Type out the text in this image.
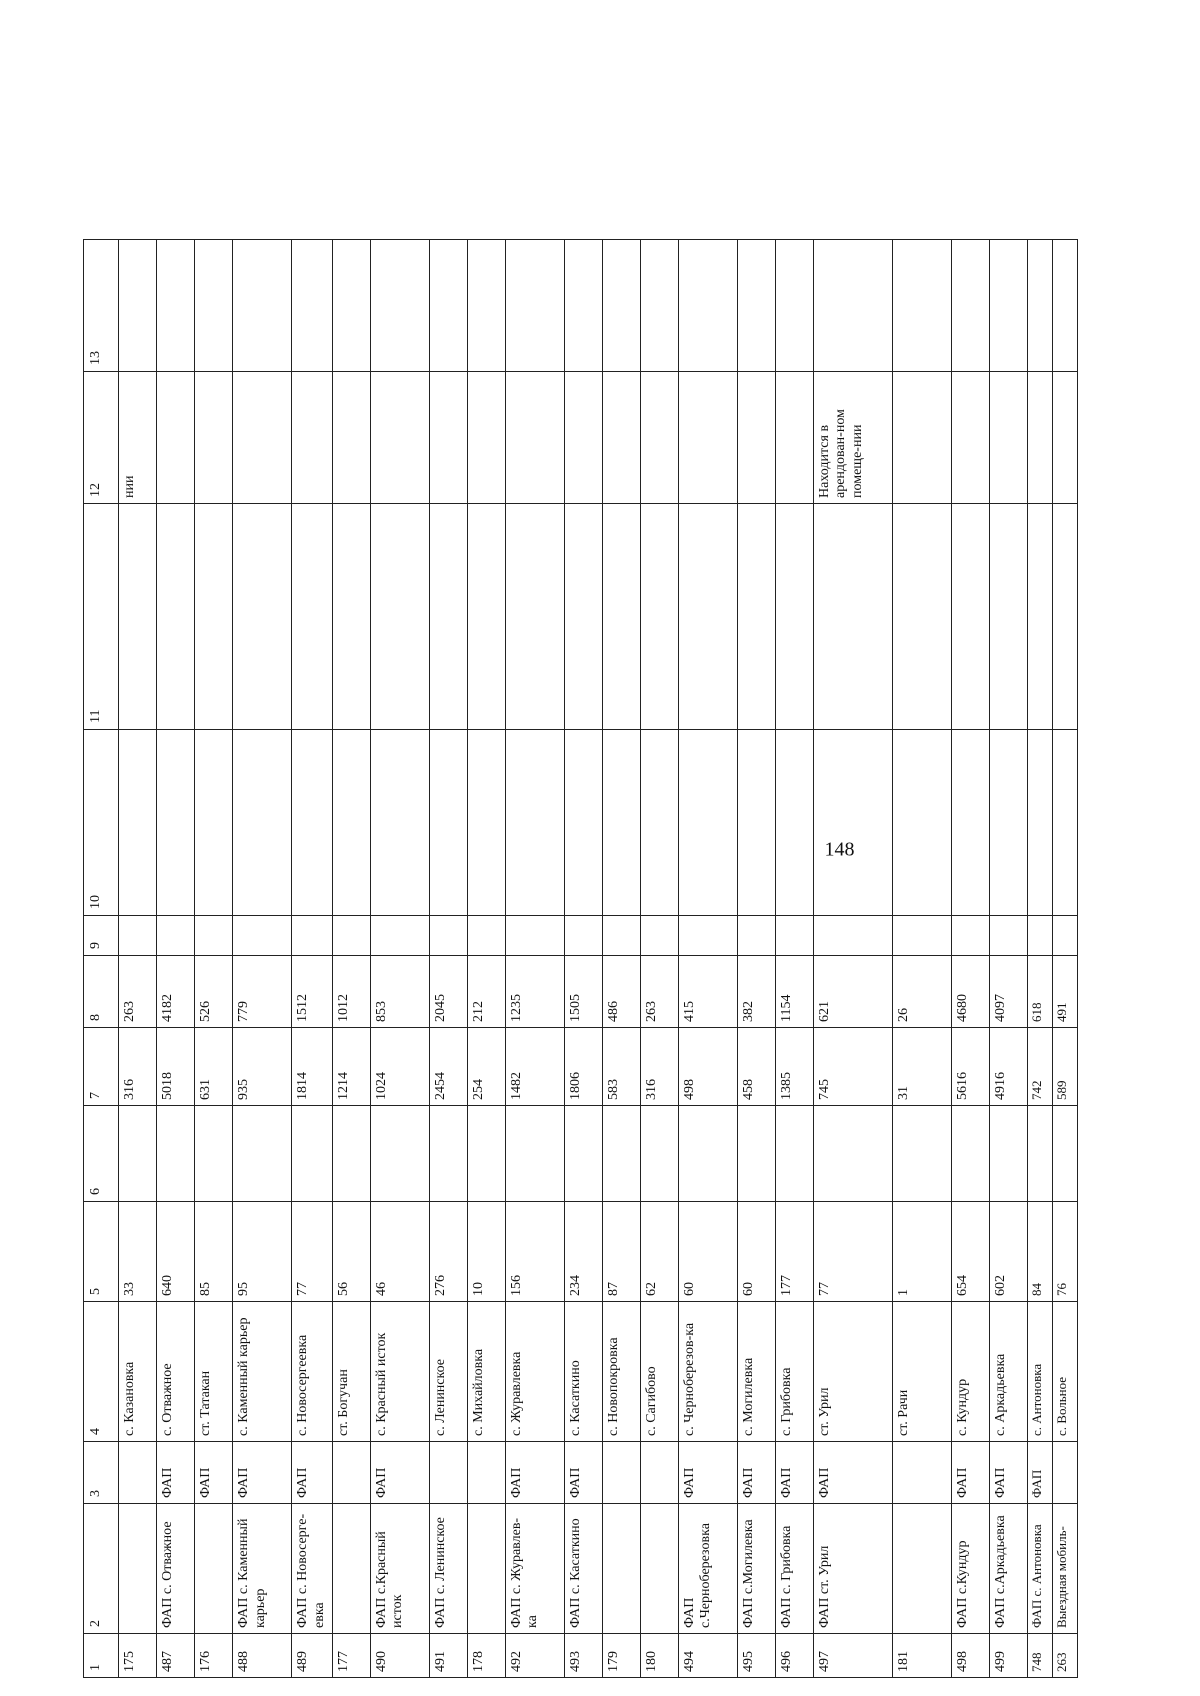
148
1	2	3	4	5	6	7	8	9	10	11	12	13
175			с. Казановка	33		316	263				нии	
487	ФАП с. Отважное	ФАП	с. Отважное	640		5018	4182					
176		ФАП	ст. Татакан	85		631	526					
488	ФАП с. Каменный карьер	ФАП	с. Каменный карьер	95		935	779					
489	ФАП с. Новосерге-евка	ФАП	с. Новосергеевка	77		1814	1512					
177			ст. Богучан	56		1214	1012					
490	ФАП с.Красный исток	ФАП	с. Красный исток	46		1024	853					
491	ФАП с. Ленинское		с. Ленинское	276		2454	2045					
178			с. Михайловка	10		254	212					
492	ФАП с. Журавлев-ка	ФАП	с. Журавлевка	156		1482	1235					
493	ФАП с. Касаткино	ФАП	с. Касаткино	234		1806	1505					
179			с. Новопокровка	87		583	486					
180			с. Сагибово	62		316	263					
494	ФАП с.Черноберезовка	ФАП	с. Черноберезов-ка	60		498	415					
495	ФАП с.Могилевка	ФАП	с. Могилевка	60		458	382					
496	ФАП с. Грибовка	ФАП	с. Грибовка	177		1385	1154					
497	ФАП ст. Урил	ФАП	ст. Урил	77		745	621				Находится в арендован-ном помеще-нии	
181			ст. Рачи	1		31	26					
498	ФАП с.Кундур	ФАП	с. Кундур	654		5616	4680					
499	ФАП с.Аркадьевка	ФАП	с. Аркадьевка	602		4916	4097					
748	ФАП с. Антоновка	ФАП	с. Антоновка	84		742	618					
263	Выездная мобиль-		с. Вольное	76		589	491					
